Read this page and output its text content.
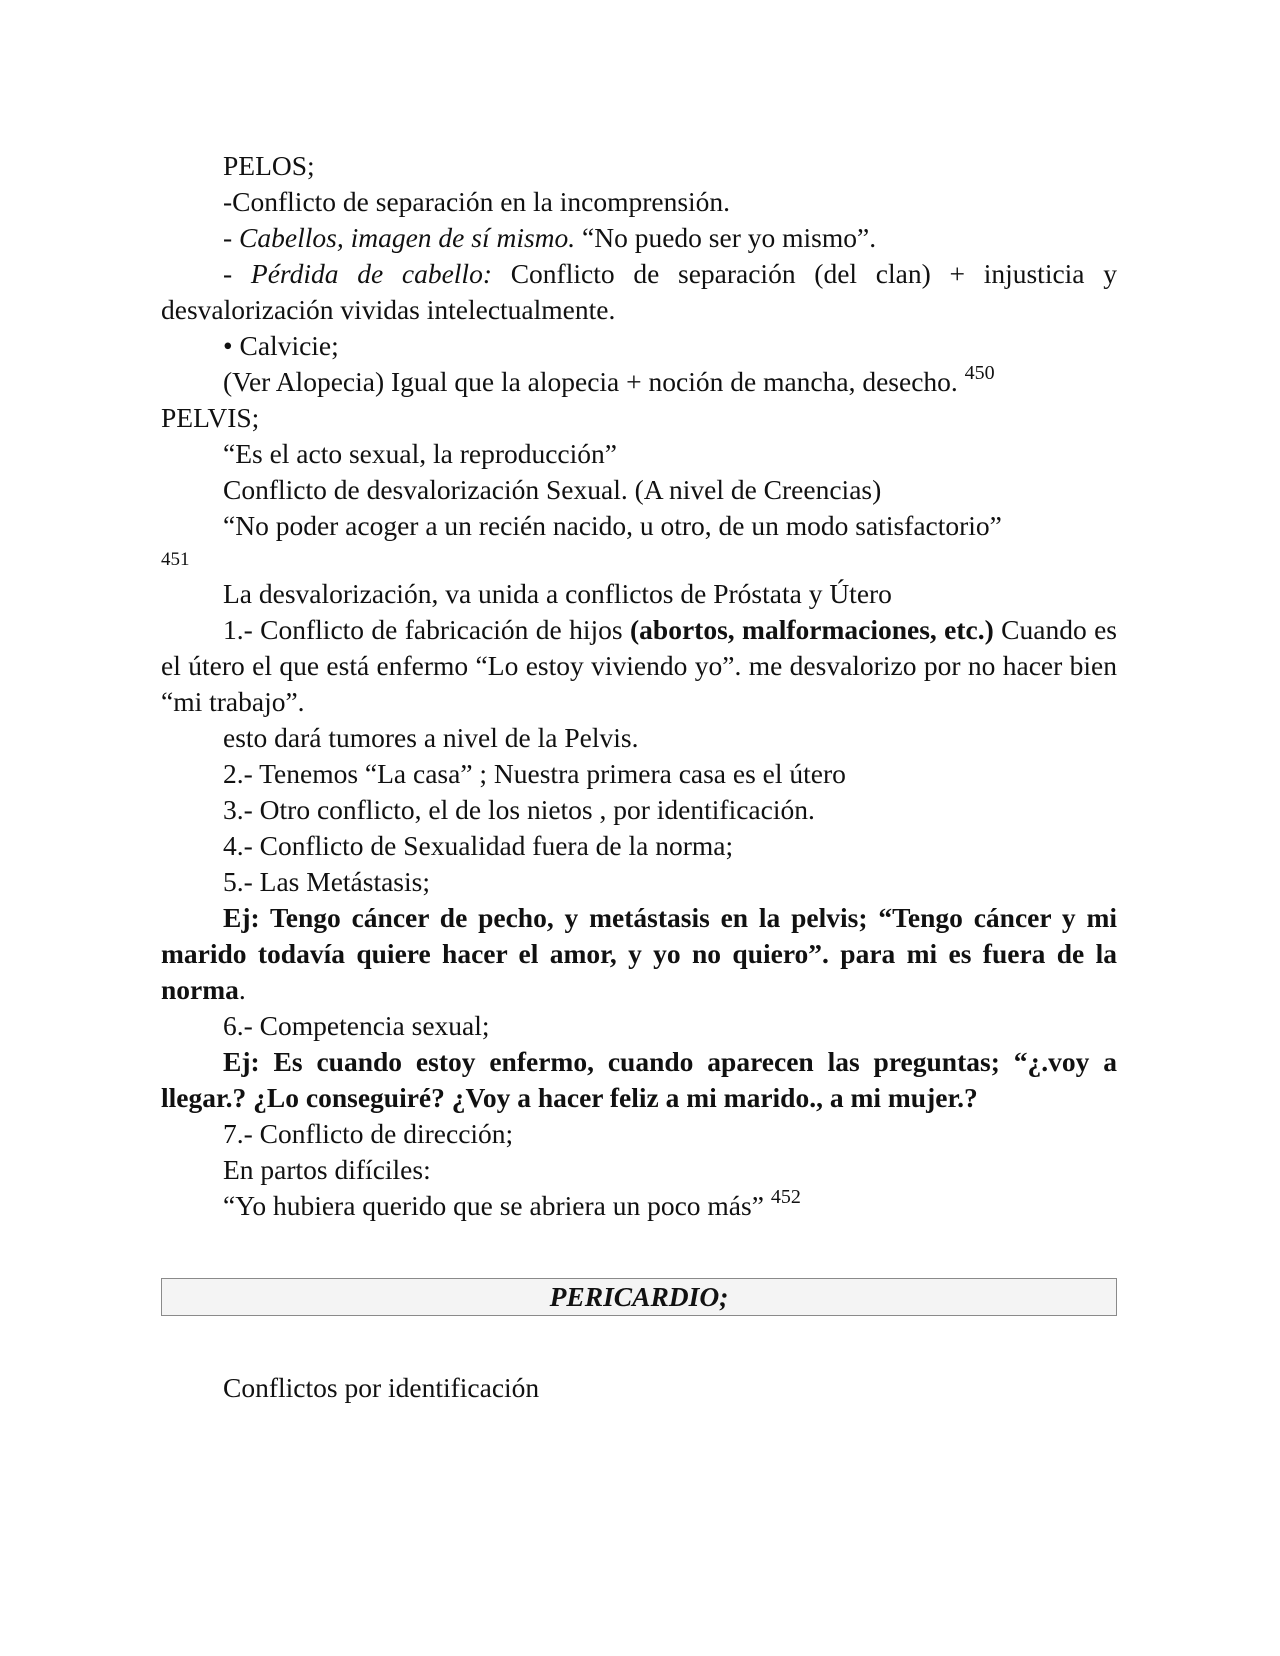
PELOS;

-Conflicto de separación en la incomprensión.

- Cabellos, imagen de sí mismo. “No puedo ser yo mismo”.

- Pérdida de cabello: Conflicto de separación (del clan) + injusticia y desvalorización vividas intelectualmente.

• Calvicie;

(Ver Alopecia) Igual que la alopecia + noción de mancha, desecho. $^{450}$

PELVIS;

“Es el acto sexual, la reproducción”

Conflicto de desvalorización Sexual. (A nivel de Creencias)

“No poder acoger a un recién nacido, u otro, de un modo satisfactorio”

451

La desvalorización, va unida a conflictos de Próstata y Útero

1.- Conflicto de fabricación de hijos (abortos, malformaciones, etc.) Cuando es el útero el que está enfermo “Lo estoy viviendo yo”. me desvalorizo por no hacer bien “mi trabajo”.

esto dará tumores a nivel de la Pelvis.

2.- Tenemos “La casa” ; Nuestra primera casa es el útero

3.- Otro conflicto, el de los nietos , por identificación.

4.- Conflicto de Sexualidad fuera de la norma;

5.- Las Metástasis;

Ej: Tengo cáncer de pecho, y metástasis en la pelvis; “Tengo cáncer y mi marido todavía quiere hacer el amor, y yo no quiero”. para mi es fuera de la norma.

6.- Competencia sexual;

Ej: Es cuando estoy enfermo, cuando aparecen las preguntas; “¿.voy a llegar.? ¿Lo conseguiré? ¿Voy a hacer feliz a mi marido., a mi mujer.?

7.- Conflicto de dirección;

En partos difíciles:

“Yo hubiera querido que se abriera un poco más” $^{452}$

PERICARDIO;

Conflictos por identificación
